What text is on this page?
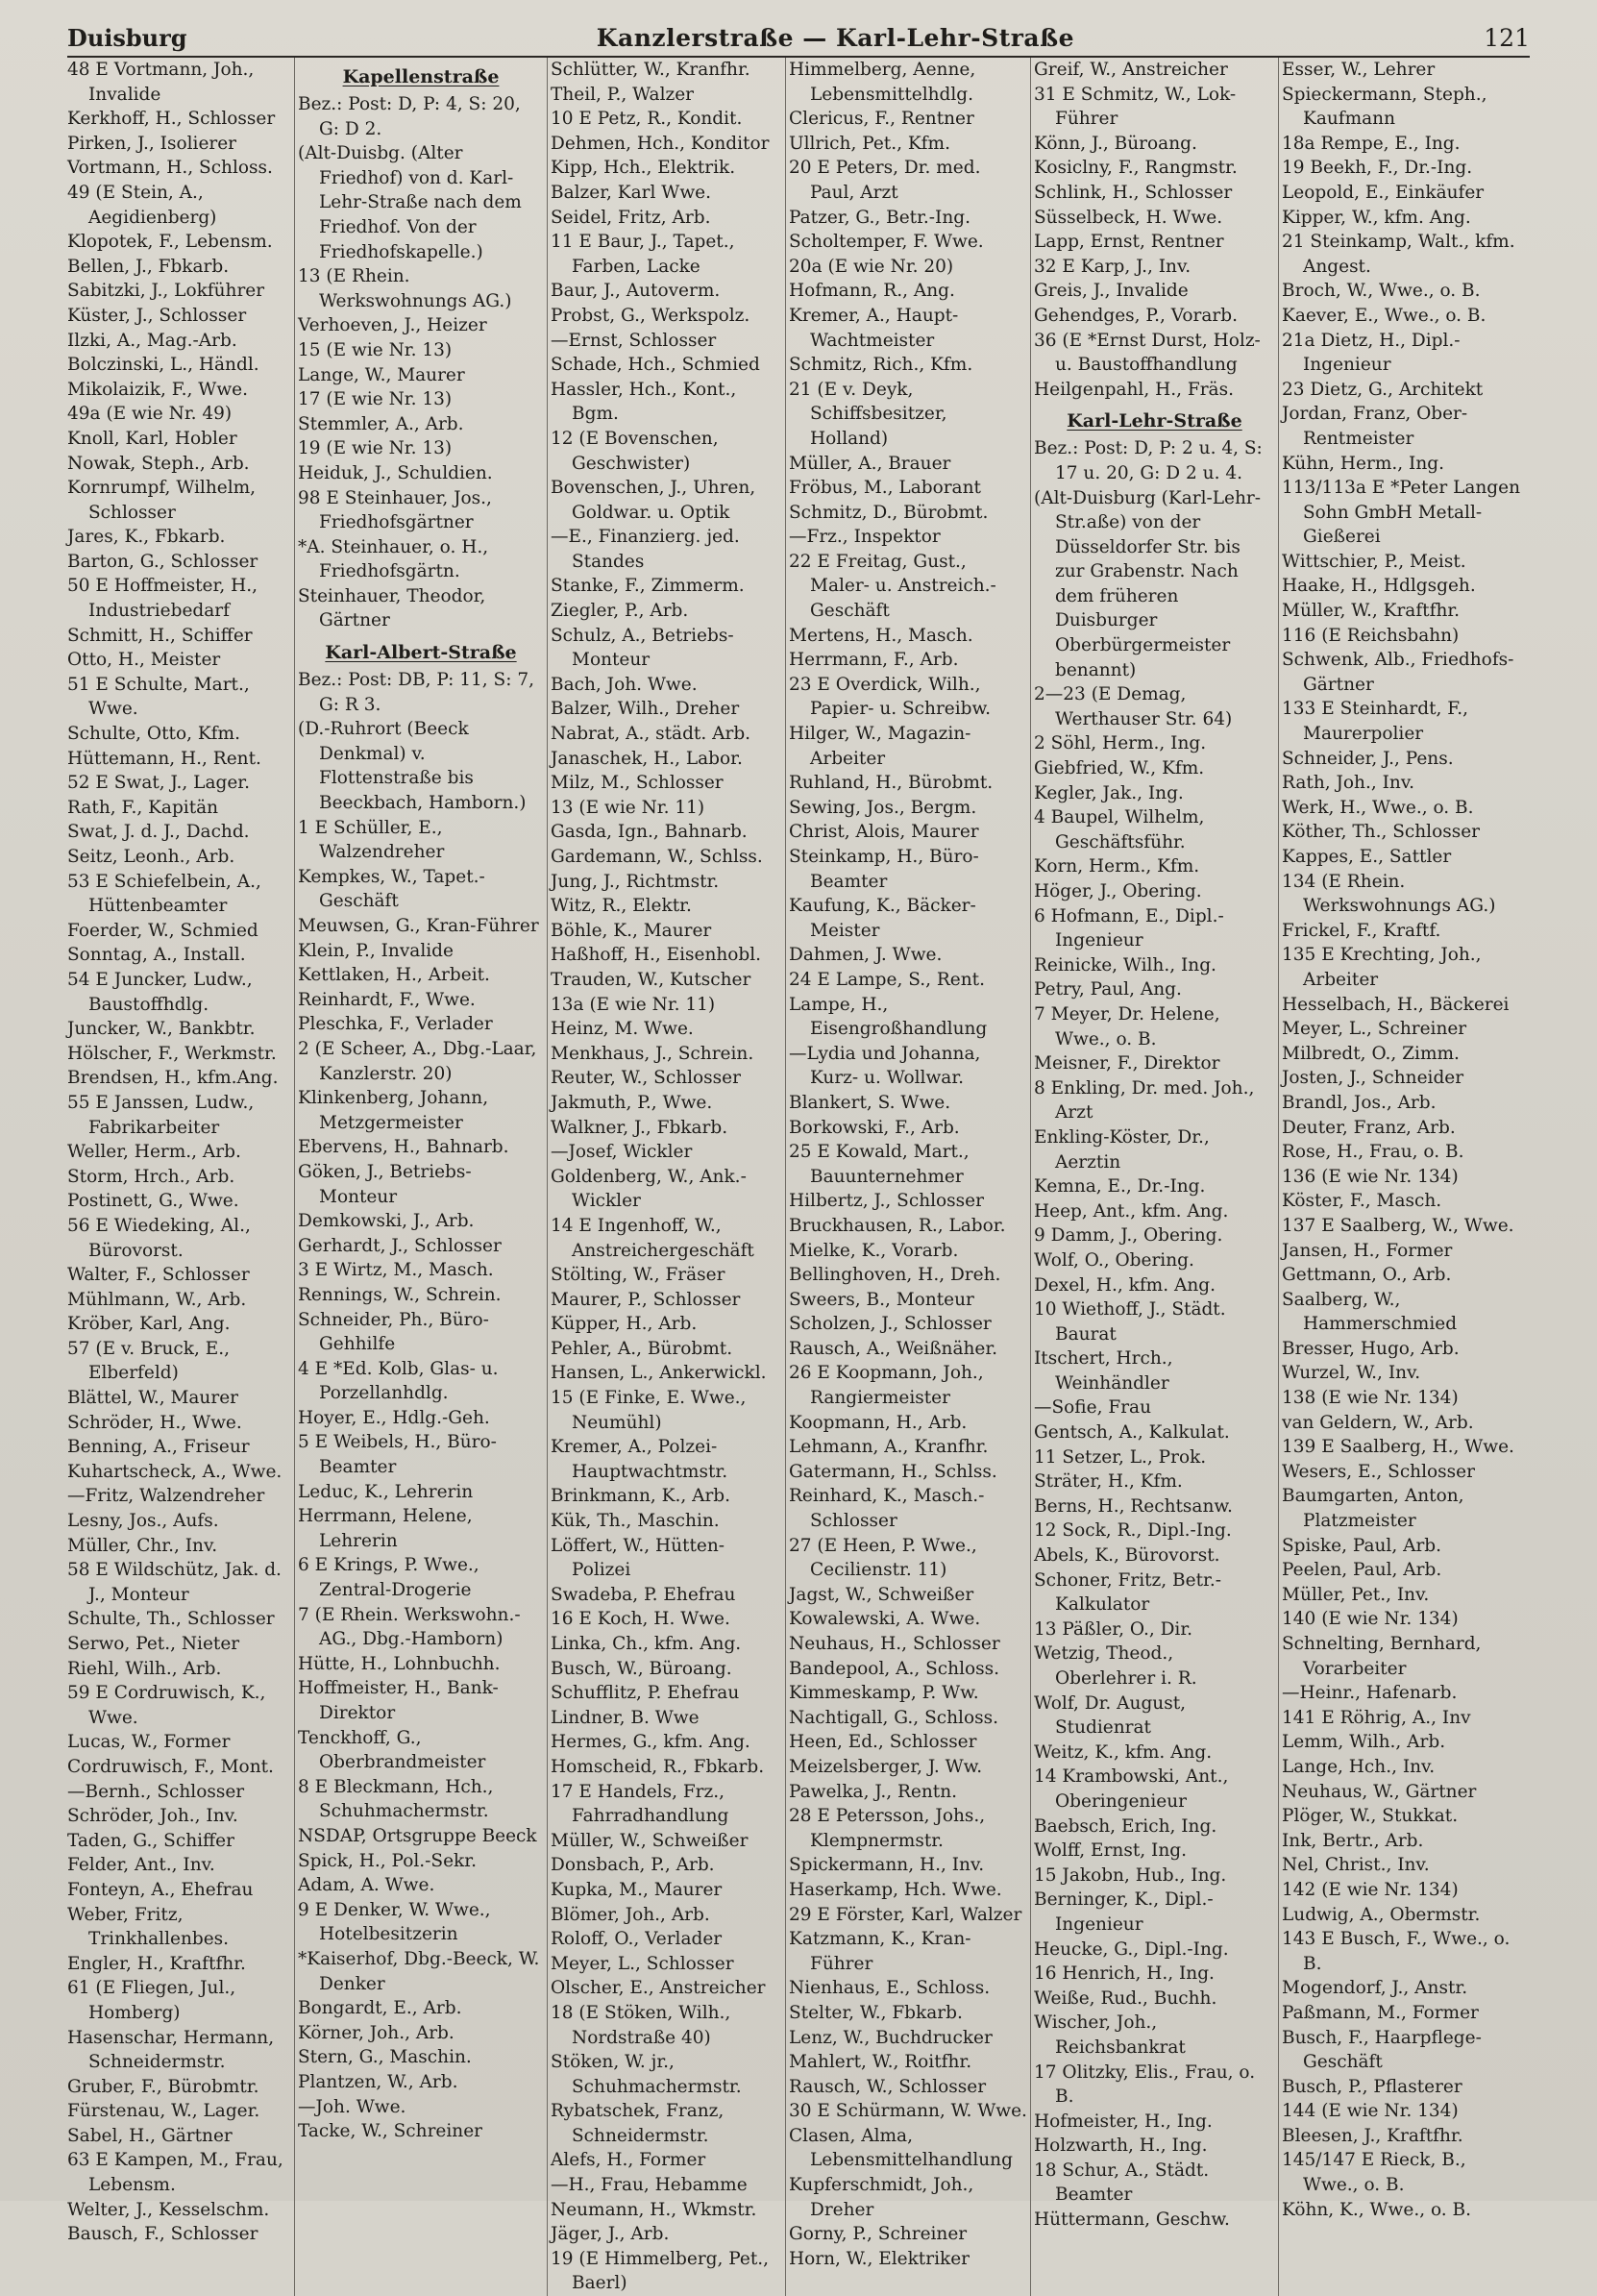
Duisburg	Kanzlerstraße — Karl-Lehr-Straße	121

48 E Vortmann, Joh., Invalide

Kerkhoff, H., Schlosser

Pirken, J., Isolierer

Vortmann, H., Schloss.

49 (E Stein, A., Aegidienberg)

Klopotek, F., Lebensm.

Bellen, J., Fbkarb.

Sabitzki, J., Lokführer

Küster, J., Schlosser

Ilzki, A., Mag.-Arb.

Bolczinski, L., Händl.

Mikolaizik, F., Wwe.

49a (E wie Nr. 49)

Knoll, Karl, Hobler

Nowak, Steph., Arb.

Kornrumpf, Wilhelm, Schlosser

Jares, K., Fbkarb.

Barton, G., Schlosser

50 E Hoffmeister, H., Industriebedarf

Schmitt, H., Schiffer

Otto, H., Meister

51 E Schulte, Mart., Wwe.

Schulte, Otto, Kfm.

Hüttemann, H., Rent.

52 E Swat, J., Lager.

Rath, F., Kapitän

Swat, J. d. J., Dachd.

Seitz, Leonh., Arb.

53 E Schiefelbein, A., Hüttenbeamter

Foerder, W., Schmied

Sonntag, A., Install.

54 E Juncker, Ludw., Baustoffhdlg.

Juncker, W., Bankbtr.

Hölscher, F., Werkmstr.

Brendsen, H., kfm.Ang.

55 E Janssen, Ludw., Fabrikarbeiter

Weller, Herm., Arb.

Storm, Hrch., Arb.

Postinett, G., Wwe.

56 E Wiedeking, Al., Bürovorst.

Walter, F., Schlosser

Mühlmann, W., Arb.

Kröber, Karl, Ang.

57 (E v. Bruck, E., Elberfeld)

Blättel, W., Maurer

Schröder, H., Wwe.

Benning, A., Friseur

Kuhartscheck, A., Wwe.

—Fritz, Walzendreher

Lesny, Jos., Aufs.

Müller, Chr., Inv.

58 E Wildschütz, Jak. d. J., Monteur

Schulte, Th., Schlosser

Serwo, Pet., Nieter

Riehl, Wilh., Arb.

59 E Cordruwisch, K., Wwe.

Lucas, W., Former

Cordruwisch, F., Mont.

—Bernh., Schlosser

Schröder, Joh., Inv.

Taden, G., Schiffer

Felder, Ant., Inv.

Fonteyn, A., Ehefrau

Weber, Fritz, Trinkhallenbes.

Engler, H., Kraftfhr.

61 (E Fliegen, Jul., Homberg)

Hasenschar, Hermann, Schneidermstr.

Gruber, F., Bürobmtr.

Fürstenau, W., Lager.

Sabel, H., Gärtner

63 E Kampen, M., Frau, Lebensm.

Welter, J., Kesselschm.

Bausch, F., Schlosser

Kapellenstraße

Bez.: Post: D, P: 4, S: 20, G: D 2.

(Alt-Duisbg. (Alter Friedhof) von d. Karl-Lehr-Straße nach dem Friedhof. Von der Friedhofskapelle.)

13 (E Rhein. Werkswohnungs AG.)

Verhoeven, J., Heizer

15 (E wie Nr. 13)

Lange, W., Maurer

17 (E wie Nr. 13)

Stemmler, A., Arb.

19 (E wie Nr. 13)

Heiduk, J., Schuldien.

98 E Steinhauer, Jos., Friedhofsgärtner

*A. Steinhauer, o. H., Friedhofsgärtn.

Steinhauer, Theodor, Gärtner

Karl-Albert-Straße

Bez.: Post: DB, P: 11, S: 7, G: R 3.

(D.-Ruhrort (Beeck Denkmal) v. Flottenstraße bis Beeckbach, Hamborn.)

1 E Schüller, E., Walzendreher

Kempkes, W., Tapet.-Geschäft

Meuwsen, G., Kran-Führer

Klein, P., Invalide

Kettlaken, H., Arbeit.

Reinhardt, F., Wwe.

Pleschka, F., Verlader

2 (E Scheer, A., Dbg.-Laar, Kanzlerstr. 20)

Klinkenberg, Johann, Metzgermeister

Ebervens, H., Bahnarb.

Göken, J., Betriebs-Monteur

Demkowski, J., Arb.

Gerhardt, J., Schlosser

3 E Wirtz, M., Masch.

Rennings, W., Schrein.

Schneider, Ph., Büro-Gehhilfe

4 E *Ed. Kolb, Glas- u. Porzellanhdlg.

Hoyer, E., Hdlg.-Geh.

5 E Weibels, H., Büro-Beamter

Leduc, K., Lehrerin

Herrmann, Helene, Lehrerin

6 E Krings, P. Wwe., Zentral-Drogerie

7 (E Rhein. Werkswohn.-AG., Dbg.-Hamborn)

Hütte, H., Lohnbuchh.

Hoffmeister, H., Bank-Direktor

Tenckhoff, G., Oberbrandmeister

8 E Bleckmann, Hch., Schuhmachermstr.

NSDAP, Ortsgruppe Beeck

Spick, H., Pol.-Sekr.

Adam, A. Wwe.

9 E Denker, W. Wwe., Hotelbesitzerin

*Kaiserhof, Dbg.-Beeck, W. Denker

Bongardt, E., Arb.

Körner, Joh., Arb.

Stern, G., Maschin.

Plantzen, W., Arb.

—Joh. Wwe.

Tacke, W., Schreiner

Schlütter, W., Kranfhr.

Theil, P., Walzer

10 E Petz, R., Kondit.

Dehmen, Hch., Konditor

Kipp, Hch., Elektrik.

Balzer, Karl Wwe.

Seidel, Fritz, Arb.

11 E Baur, J., Tapet., Farben, Lacke

Baur, J., Autoverm.

Probst, G., Werkspolz.

—Ernst, Schlosser

Schade, Hch., Schmied

Hassler, Hch., Kont., Bgm.

12 (E Bovenschen, Geschwister)

Bovenschen, J., Uhren, Goldwar. u. Optik

—E., Finanzierg. jed. Standes

Stanke, F., Zimmerm.

Ziegler, P., Arb.

Schulz, A., Betriebs-Monteur

Bach, Joh. Wwe.

Balzer, Wilh., Dreher

Nabrat, A., städt. Arb.

Janaschek, H., Labor.

Milz, M., Schlosser

13 (E wie Nr. 11)

Gasda, Ign., Bahnarb.

Gardemann, W., Schlss.

Jung, J., Richtmstr.

Witz, R., Elektr.

Böhle, K., Maurer

Haßhoff, H., Eisenhobl.

Trauden, W., Kutscher

13a (E wie Nr. 11)

Heinz, M. Wwe.

Menkhaus, J., Schrein.

Reuter, W., Schlosser

Jakmuth, P., Wwe.

Walkner, J., Fbkarb.

—Josef, Wickler

Goldenberg, W., Ank.-Wickler

14 E Ingenhoff, W., Anstreichergeschäft

Stölting, W., Fräser

Maurer, P., Schlosser

Küpper, H., Arb.

Pehler, A., Bürobmt.

Hansen, L., Ankerwickl.

15 (E Finke, E. Wwe., Neumühl)

Kremer, A., Polzei-Hauptwachtmstr.

Brinkmann, K., Arb.

Kük, Th., Maschin.

Löffert, W., Hütten-Polizei

Swadeba, P. Ehefrau

16 E Koch, H. Wwe.

Linka, Ch., kfm. Ang.

Busch, W., Büroang.

Schufflitz, P. Ehefrau

Lindner, B. Wwe

Hermes, G., kfm. Ang.

Homscheid, R., Fbkarb.

17 E Handels, Frz., Fahrradhandlung

Müller, W., Schweißer

Donsbach, P., Arb.

Kupka, M., Maurer

Blömer, Joh., Arb.

Roloff, O., Verlader

Meyer, L., Schlosser

Olscher, E., Anstreicher

18 (E Stöken, Wilh., Nordstraße 40)

Stöken, W. jr., Schuhmachermstr.

Rybatschek, Franz, Schneidermstr.

Alefs, H., Former

—H., Frau, Hebamme

Neumann, H., Wkmstr.

Jäger, J., Arb.

19 (E Himmelberg, Pet., Baerl)

Himmelberg, Aenne, Lebensmittelhdlg.

Clericus, F., Rentner

Ullrich, Pet., Kfm.

20 E Peters, Dr. med. Paul, Arzt

Patzer, G., Betr.-Ing.

Scholtemper, F. Wwe.

20a (E wie Nr. 20)

Hofmann, R., Ang.

Kremer, A., Haupt-Wachtmeister

Schmitz, Rich., Kfm.

21 (E v. Deyk, Schiffsbesitzer, Holland)

Müller, A., Brauer

Fröbus, M., Laborant

Schmitz, D., Bürobmt.

—Frz., Inspektor

22 E Freitag, Gust., Maler- u. Anstreich.-Geschäft

Mertens, H., Masch.

Herrmann, F., Arb.

23 E Overdick, Wilh., Papier- u. Schreibw.

Hilger, W., Magazin-Arbeiter

Ruhland, H., Bürobmt.

Sewing, Jos., Bergm.

Christ, Alois, Maurer

Steinkamp, H., Büro-Beamter

Kaufung, K., Bäcker-Meister

Dahmen, J. Wwe.

24 E Lampe, S., Rent.

Lampe, H., Eisengroßhandlung

—Lydia und Johanna, Kurz- u. Wollwar.

Blankert, S. Wwe.

Borkowski, F., Arb.

25 E Kowald, Mart., Bauunternehmer

Hilbertz, J., Schlosser

Bruckhausen, R., Labor.

Mielke, K., Vorarb.

Bellinghoven, H., Dreh.

Sweers, B., Monteur

Scholzen, J., Schlosser

Rausch, A., Weißnäher.

26 E Koopmann, Joh., Rangiermeister

Koopmann, H., Arb.

Lehmann, A., Kranfhr.

Gatermann, H., Schlss.

Reinhard, K., Masch.-Schlosser

27 (E Heen, P. Wwe., Cecilienstr. 11)

Jagst, W., Schweißer

Kowalewski, A. Wwe.

Neuhaus, H., Schlosser

Bandepool, A., Schloss.

Kimmeskamp, P. Ww.

Nachtigall, G., Schloss.

Heen, Ed., Schlosser

Meizelsberger, J. Ww.

Pawelka, J., Rentn.

28 E Petersson, Johs., Klempnermstr.

Spickermann, H., Inv.

Haserkamp, Hch. Wwe.

29 E Förster, Karl, Walzer

Katzmann, K., Kran-Führer

Nienhaus, E., Schloss.

Stelter, W., Fbkarb.

Lenz, W., Buchdrucker

Mahlert, W., Roitfhr.

Rausch, W., Schlosser

30 E Schürmann, W. Wwe.

Clasen, Alma, Lebensmittelhandlung

Kupferschmidt, Joh., Dreher

Gorny, P., Schreiner

Horn, W., Elektriker

Greif, W., Anstreicher

31 E Schmitz, W., Lok-Führer

Könn, J., Büroang.

Kosiclny, F., Rangmstr.

Schlink, H., Schlosser

Süsselbeck, H. Wwe.

Lapp, Ernst, Rentner

32 E Karp, J., Inv.

Greis, J., Invalide

Gehendges, P., Vorarb.

36 (E *Ernst Durst, Holz- u. Baustoffhandlung

Heilgenpahl, H., Fräs.

Karl-Lehr-Straße

Bez.: Post: D, P: 2 u. 4, S: 17 u. 20, G: D 2 u. 4.

(Alt-Duisburg (Karl-Lehr-Str.aße) von der Düsseldorfer Str. bis zur Grabenstr. Nach dem früheren Duisburger Oberbürgermeister benannt)

2—23 (E Demag, Werthauser Str. 64)

2 Söhl, Herm., Ing.

Giebfried, W., Kfm.

Kegler, Jak., Ing.

4 Baupel, Wilhelm, Geschäftsführ.

Korn, Herm., Kfm.

Höger, J., Obering.

6 Hofmann, E., Dipl.-Ingenieur

Reinicke, Wilh., Ing.

Petry, Paul, Ang.

7 Meyer, Dr. Helene, Wwe., o. B.

Meisner, F., Direktor

8 Enkling, Dr. med. Joh., Arzt

Enkling-Köster, Dr., Aerztin

Kemna, E., Dr.-Ing.

Heep, Ant., kfm. Ang.

9 Damm, J., Obering.

Wolf, O., Obering.

Dexel, H., kfm. Ang.

10 Wiethoff, J., Städt. Baurat

Itschert, Hrch., Weinhändler

—Sofie, Frau

Gentsch, A., Kalkulat.

11 Setzer, L., Prok.

Sträter, H., Kfm.

Berns, H., Rechtsanw.

12 Sock, R., Dipl.-Ing.

Abels, K., Bürovorst.

Schoner, Fritz, Betr.-Kalkulator

13 Päßler, O., Dir.

Wetzig, Theod., Oberlehrer i. R.

Wolf, Dr. August, Studienrat

Weitz, K., kfm. Ang.

14 Krambowski, Ant., Oberingenieur

Baebsch, Erich, Ing.

Wolff, Ernst, Ing.

15 Jakobn, Hub., Ing.

Berninger, K., Dipl.-Ingenieur

Heucke, G., Dipl.-Ing.

16 Henrich, H., Ing.

Weiße, Rud., Buchh.

Wischer, Joh., Reichsbankrat

17 Olitzky, Elis., Frau, o. B.

Hofmeister, H., Ing.

Holzwarth, H., Ing.

18 Schur, A., Städt. Beamter

Hüttermann, Geschw.

Esser, W., Lehrer

Spieckermann, Steph., Kaufmann

18a Rempe, E., Ing.

19 Beekh, F., Dr.-Ing.

Leopold, E., Einkäufer

Kipper, W., kfm. Ang.

21 Steinkamp, Walt., kfm. Angest.

Broch, W., Wwe., o. B.

Kaever, E., Wwe., o. B.

21a Dietz, H., Dipl.-Ingenieur

23 Dietz, G., Architekt

Jordan, Franz, Ober-Rentmeister

Kühn, Herm., Ing.

113/113a E *Peter Langen Sohn GmbH Metall-Gießerei

Wittschier, P., Meist.

Haake, H., Hdlgsgeh.

Müller, W., Kraftfhr.

116 (E Reichsbahn)

Schwenk, Alb., Friedhofs-Gärtner

133 E Steinhardt, F., Maurerpolier

Schneider, J., Pens.

Rath, Joh., Inv.

Werk, H., Wwe., o. B.

Köther, Th., Schlosser

Kappes, E., Sattler

134 (E Rhein. Werkswohnungs AG.)

Frickel, F., Kraftf.

135 E Krechting, Joh., Arbeiter

Hesselbach, H., Bäckerei

Meyer, L., Schreiner

Milbredt, O., Zimm.

Josten, J., Schneider

Brandl, Jos., Arb.

Deuter, Franz, Arb.

Rose, H., Frau, o. B.

136 (E wie Nr. 134)

Köster, F., Masch.

137 E Saalberg, W., Wwe.

Jansen, H., Former

Gettmann, O., Arb.

Saalberg, W., Hammerschmied

Bresser, Hugo, Arb.

Wurzel, W., Inv.

138 (E wie Nr. 134)

van Geldern, W., Arb.

139 E Saalberg, H., Wwe.

Wesers, E., Schlosser

Baumgarten, Anton, Platzmeister

Spiske, Paul, Arb.

Peelen, Paul, Arb.

Müller, Pet., Inv.

140 (E wie Nr. 134)

Schnelting, Bernhard, Vorarbeiter

—Heinr., Hafenarb.

141 E Röhrig, A., Inv

Lemm, Wilh., Arb.

Lange, Hch., Inv.

Neuhaus, W., Gärtner

Plöger, W., Stukkat.

Ink, Bertr., Arb.

Nel, Christ., Inv.

142 (E wie Nr. 134)

Ludwig, A., Obermstr.

143 E Busch, F., Wwe., o. B.

Mogendorf, J., Anstr.

Paßmann, M., Former

Busch, F., Haarpflege-Geschäft

Busch, P., Pflasterer

144 (E wie Nr. 134)

Bleesen, J., Kraftfhr.

145/147 E Rieck, B., Wwe., o. B.

Köhn, K., Wwe., o. B.
